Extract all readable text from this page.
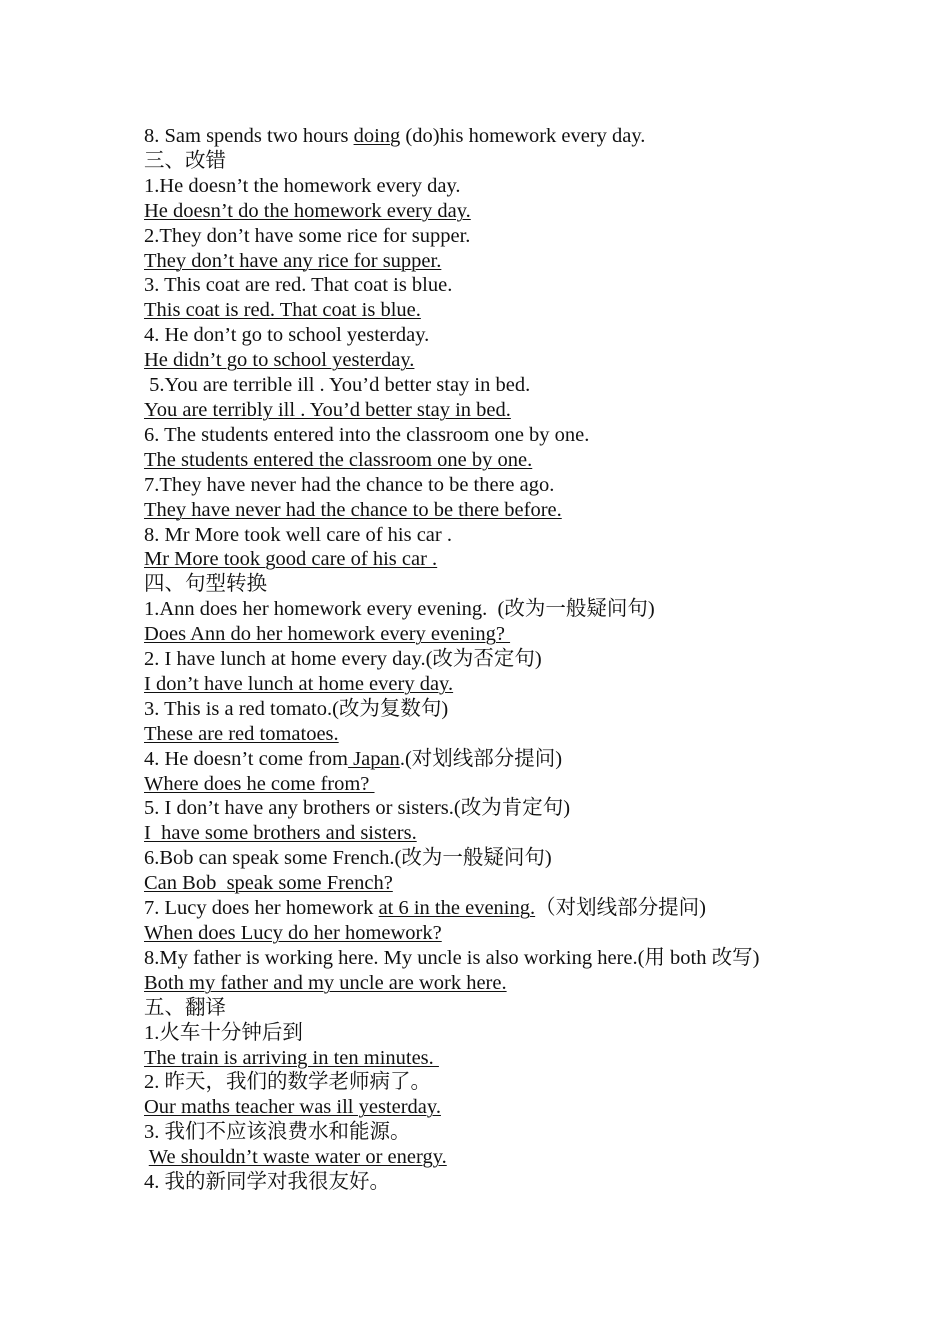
8. Sam spends two hours doing (do)his homework every day.

三、改错

1.He doesn’t the homework every day.

He doesn’t do the homework every day.

2.They don’t have some rice for supper.

They don’t have any rice for supper.

3. This coat are red. That coat is blue.

This coat is red. That coat is blue.

4. He don’t go to school yesterday.

He didn’t go to school yesterday.

5.You are terrible ill . You’d better stay in bed.

You are terribly ill . You’d better stay in bed.

6. The students entered into the classroom one by one.

The students entered the classroom one by one.

7.They have never had the chance to be there ago.

They have never had the chance to be there before.

8. Mr More took well care of his car .

Mr More took good care of his car .

四、句型转换

1.Ann does her homework every evening.  (改为一般疑问句)

Does Ann do her homework every evening?

2. I have lunch at home every day.(改为否定句)

I don’t have lunch at home every day.

3. This is a red tomato.(改为复数句)

These are red tomatoes.

4. He doesn’t come from Japan.(对划线部分提问)

Where does he come from?

5. I don’t have any brothers or sisters.(改为肯定句)

I  have some brothers and sisters.

6.Bob can speak some French.(改为一般疑问句)

Can Bob  speak some French?

7. Lucy does her homework at 6 in the evening.（对划线部分提问)

When does Lucy do her homework?

8.My father is working here. My uncle is also working here.(用 both 改写)

Both my father and my uncle are work here.

五、翻译

1.火车十分钟后到

The train is arriving in ten minutes.

2. 昨天，我们的数学老师病了。

Our maths teacher was ill yesterday.

3. 我们不应该浪费水和能源。

We shouldn’t waste water or energy.

4. 我的新同学对我很友好。
